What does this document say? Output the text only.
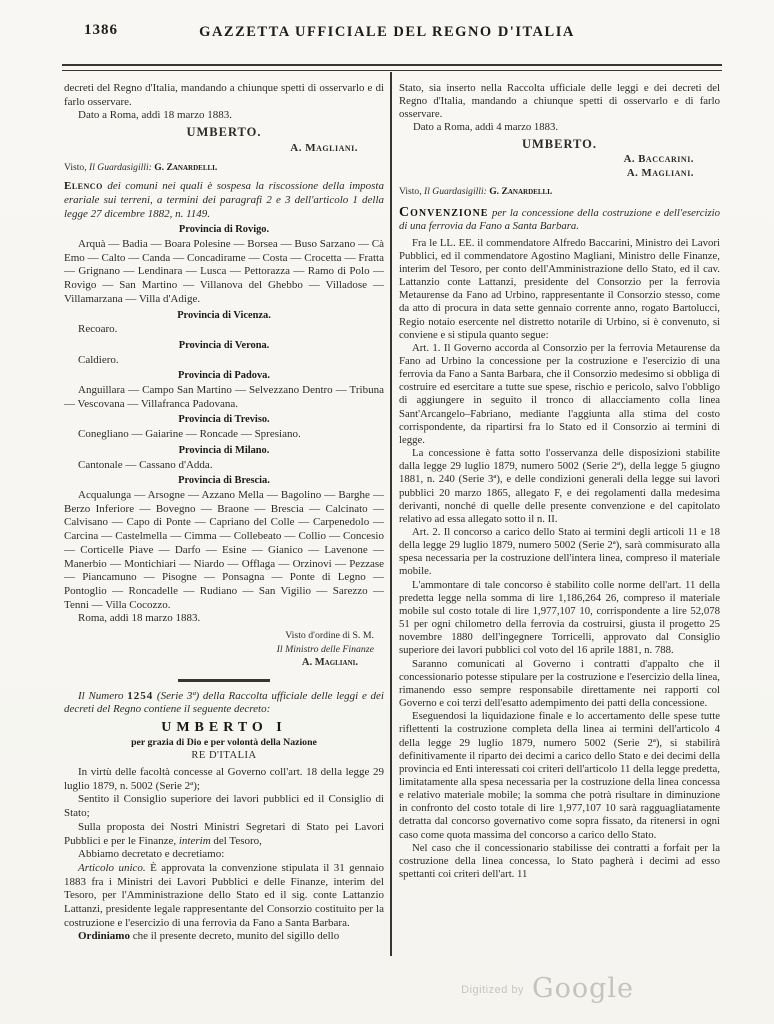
1386	GAZZETTA UFFICIALE DEL REGNO D'ITALIA

decreti del Regno d'Italia, mandando a chiunque spetti di osservarlo e di farlo osservare.

Dato a Roma, addì 18 marzo 1883.

UMBERTO.

A. Magliani.

Visto, Il Guardasigilli: G. Zanardelli.

Elenco dei comuni nei quali è sospesa la riscossione della imposta erariale sui terreni, a termini dei paragrafi 2 e 3 dell'articolo 1 della legge 27 dicembre 1882, n. 1149.

Provincia di Rovigo.

Arquà — Badia — Boara Polesine — Borsea — Buso Sarzano — Cà Emo — Calto — Canda — Concadirame — Costa — Crocetta — Fratta — Grignano — Lendinara — Lusca — Pettorazza — Ramo di Polo — Rovigo — San Martino — Villanova del Ghebbo — Villadose — Villamarzana — Villa d'Adige.

Provincia di Vicenza.

Recoaro.

Provincia di Verona.

Caldiero.

Provincia di Padova.

Anguillara — Campo San Martino — Selvezzano Dentro — Tribuna — Vescovana — Villafranca Padovana.

Provincia di Treviso.

Conegliano — Gaiarine — Roncade — Spresiano.

Provincia di Milano.

Cantonale — Cassano d'Adda.

Provincia di Brescia.

Acqualunga — Arsogne — Azzano Mella — Bagolino — Barghe — Berzo Inferiore — Bovegno — Braone — Brescia — Calcinato — Calvisano — Capo di Ponte — Capriano del Colle — Carpenedolo — Carcina — Castelmella — Cimma — Collebeato — Collio — Concesio — Corticelle Piave — Darfo — Esine — Gianico — Lavenone — Manerbio — Montichiari — Niardo — Offlaga — Orzinovi — Pezzase — Piancamuno — Pisogne — Ponsagna — Ponte di Legno — Pontoglio — Roncadelle — Rudiano — San Vigilio — Sarezzo — Tenni — Villa Cocozzo.

Roma, addì 18 marzo 1883.

Visto d'ordine di S. M.
Il Ministro delle Finanze
A. Magliani.

Il Numero 1254 (Serie 3ª) della Raccolta ufficiale delle leggi e dei decreti del Regno contiene il seguente decreto:

UMBERTO I

per grazia di Dio e per volontà della Nazione

RE D'ITALIA

In virtù delle facoltà concesse al Governo coll'art. 18 della legge 29 luglio 1879, n. 5002 (Serie 2ª);

Sentito il Consiglio superiore dei lavori pubblici ed il Consiglio di Stato;

Sulla proposta dei Nostri Ministri Segretari di Stato pei Lavori Pubblici e per le Finanze, interim del Tesoro,

Abbiamo decretato e decretiamo:

Articolo unico. È approvata la convenzione stipulata il 31 gennaio 1883 fra i Ministri dei Lavori Pubblici e delle Finanze, interim del Tesoro, per l'Amministrazione dello Stato ed il sig. conte Lattanzio Lattanzi, presidente legale rappresentante del Consorzio costituito per la costruzione e l'esercizio di una ferrovia da Fano a Santa Barbara.

Ordiniamo che il presente decreto, munito del sigillo dello

Stato, sia inserto nella Raccolta ufficiale delle leggi e dei decreti del Regno d'Italia, mandando a chiunque spetti di osservarlo e di farlo osservare.

Dato a Roma, addì 4 marzo 1883.

UMBERTO.

A. Baccarini.

A. Magliani.

Visto, Il Guardasigilli: G. Zanardelli.

Convenzione per la concessione della costruzione e dell'esercizio di una ferrovia da Fano a Santa Barbara.

Fra le LL. EE. il commendatore Alfredo Baccarini, Ministro dei Lavori Pubblici, ed il commendatore Agostino Magliani, Ministro delle Finanze, interim del Tesoro, per conto dell'Amministrazione dello Stato, ed il cav. Lattanzio conte Lattanzi, presidente del Consorzio per la ferrovia Metaurense da Fano ad Urbino, rappresentante il Consorzio stesso, come da atto di procura in data sette gennaio corrente anno, rogato Bartolucci, Regio notaio esercente nel distretto notarile di Urbino, si è convenuto, si conviene e si stipula quanto segue:

Art. 1. Il Governo accorda al Consorzio per la ferrovia Metaurense da Fano ad Urbino la concessione per la costruzione e l'esercizio di una ferrovia da Fano a Santa Barbara, che il Consorzio medesimo si obbliga di costruire ed esercitare a tutte sue spese, rischio e pericolo, salvo l'obbligo di aggiungere in seguito il tronco di allacciamento colla linea Sant'Arcangelo–Fabriano, mediante l'aggiunta alla stima del costo corrispondente, da ripartirsi fra lo Stato ed il Consorzio ai termini di legge.

La concessione è fatta sotto l'osservanza delle disposizioni stabilite dalla legge 29 luglio 1879, numero 5002 (Serie 2ª), della legge 5 giugno 1881, n. 240 (Serie 3ª), e delle condizioni generali della legge sui lavori pubblici 20 marzo 1865, allegato F, e dei regolamenti dalla medesima derivanti, nonché di quelle delle presente convenzione e del capitolato relativo ad essa allegato sotto il n. II.

Art. 2. Il concorso a carico dello Stato ai termini degli articoli 11 e 18 della legge 29 luglio 1879, numero 5002 (Serie 2ª), sarà commisurato alla spesa necessaria per la costruzione dell'intera linea, compreso il materiale mobile.

L'ammontare di tale concorso è stabilito colle norme dell'art. 11 della predetta legge nella somma di lire 1,186,264 26, compreso il materiale mobile sul costo totale di lire 1,977,107 10, corrispondente a lire 52,078 51 per ogni chilometro della ferrovia da costruirsi, giusta il progetto 25 novembre 1880 dell'ingegnere Torricelli, approvato dal Consiglio superiore dei lavori pubblici col voto del 16 aprile 1881, n. 788.

Saranno comunicati al Governo i contratti d'appalto che il concessionario potesse stipulare per la costruzione e l'esercizio della linea, rimanendo esso sempre responsabile direttamente nei rapporti col Governo e coi terzi dell'esatto adempimento dei patti della concessione.

Eseguendosi la liquidazione finale e lo accertamento delle spese tutte riflettenti la costruzione completa della linea ai termini dell'articolo 4 della legge 29 luglio 1879, numero 5002 (Serie 2ª), si stabilirà definitivamente il riparto dei decimi a carico dello Stato e dei decimi della provincia ed Enti interessati coi criteri dell'articolo 11 della legge predetta, limitatamente alla spesa necessaria per la costruzione della linea concessa e relativo materiale mobile; la somma che potrà risultare in diminuzione in confronto del costo totale di lire 1,977,107 10 sarà ragguagliatamente detratta dal concorso governativo come sopra fissato, da ritenersi in ogni caso come quota massima del concorso a carico dello Stato.

Nel caso che il concessionario stabilisse dei contratti a forfait per la costruzione della linea concessa, lo Stato pagherà i decimi ad esso spettanti coi criteri dell'art. 11

$^{Digitized by}$ Google
